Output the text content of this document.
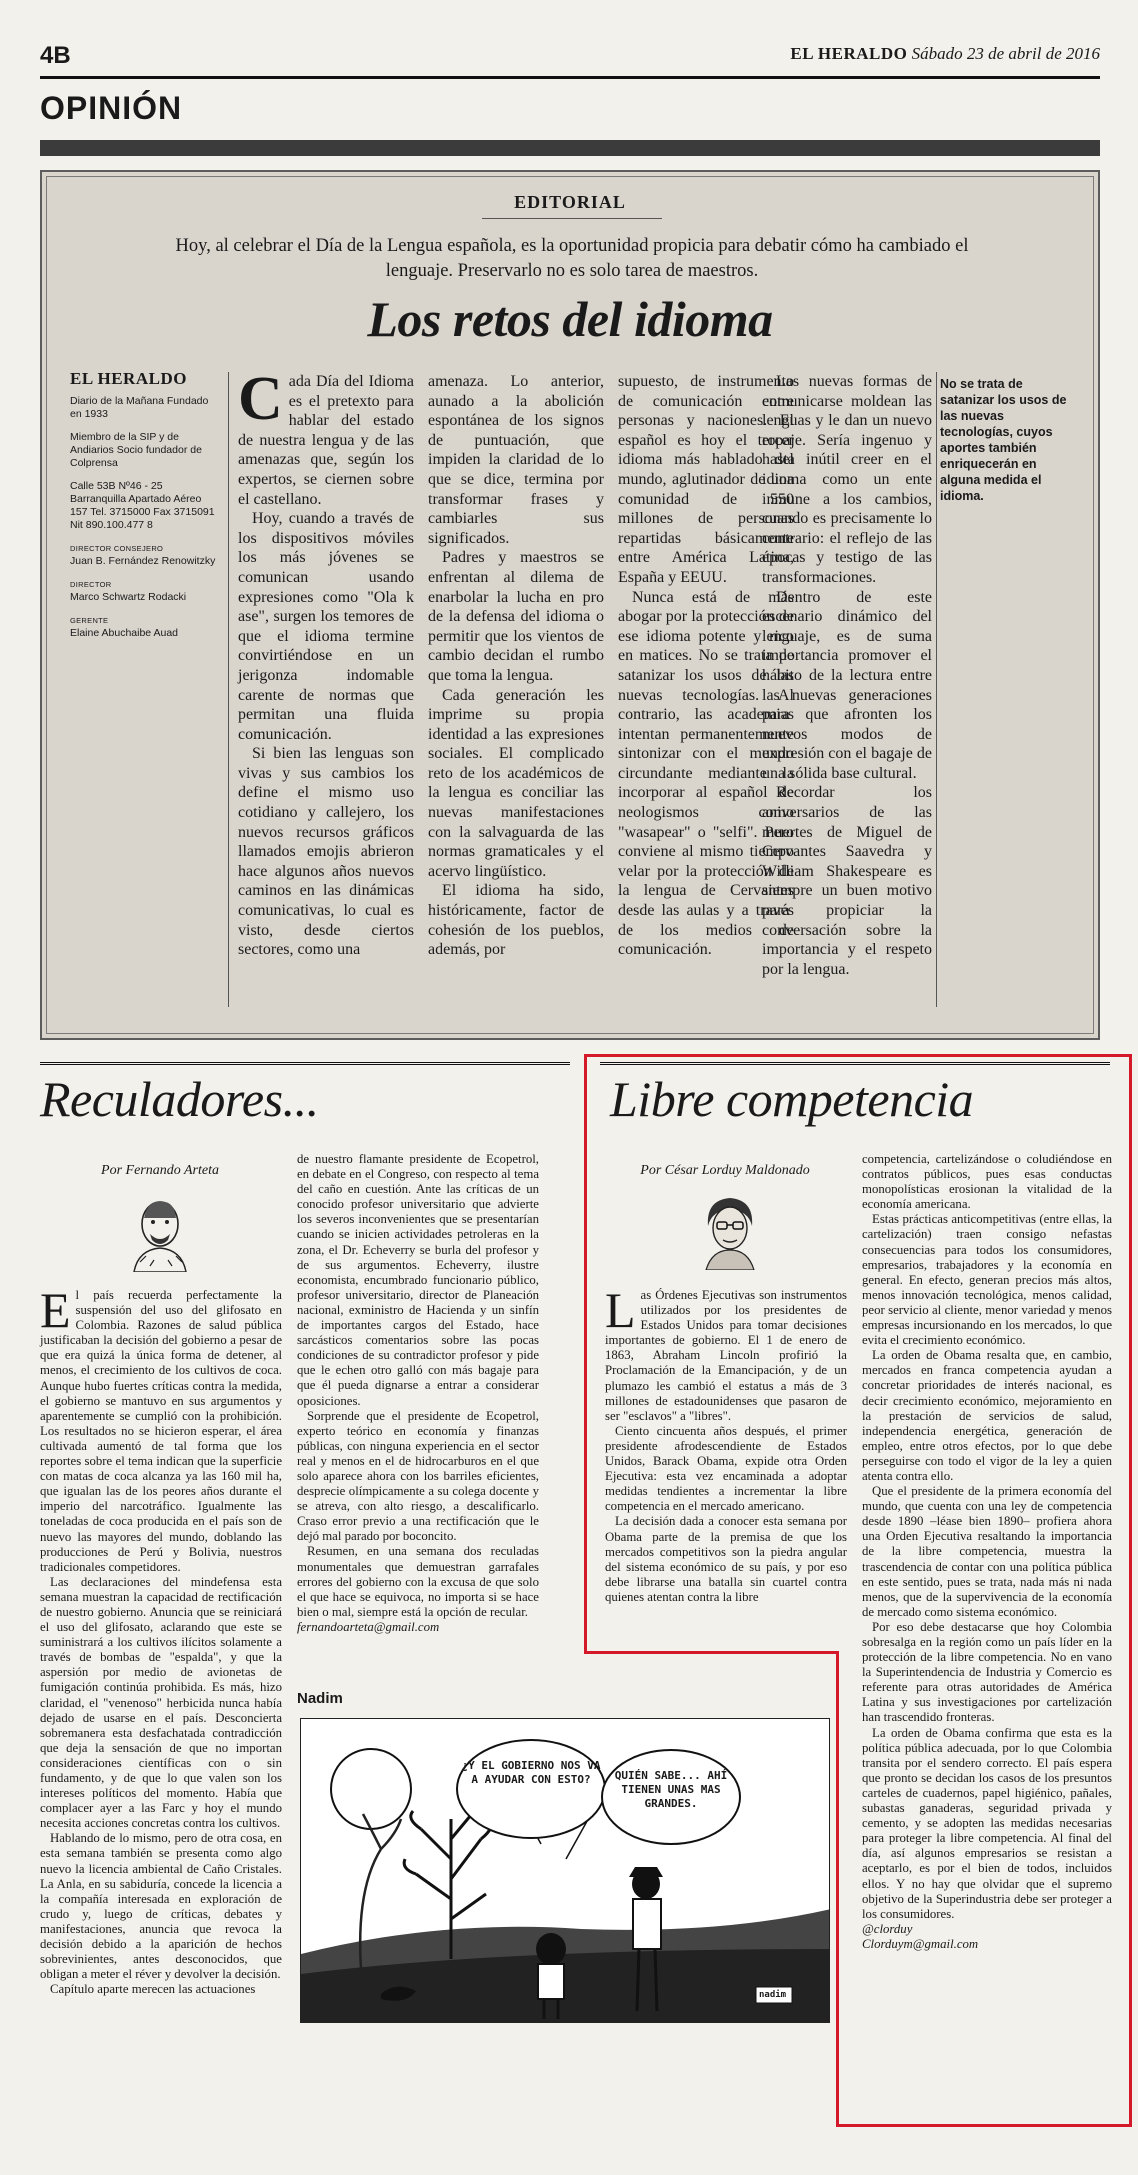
4B	EL HERALDO Sábado 23 de abril de 2016
OPINIÓN
EDITORIAL
Hoy, al celebrar el Día de la Lengua española, es la oportunidad propicia para debatir cómo ha cambiado el lenguaje. Preservarlo no es solo tarea de maestros.
Los retos del idioma
EL HERALDO

Diario de la Mañana Fundado en 1933

Miembro de la SIP y de Andiarios Socio fundador de Colprensa

Calle 53B Nº46 - 25 Barranquilla Apartado Aéreo 157 Tel. 3715000 Fax 3715091 Nit 890.100.477 8

DIRECTOR CONSEJERO

Juan B. Fernández Renowitzky

DIRECTOR

Marco Schwartz Rodacki

GERENTE

Elaine Abuchaibe Auad

Cada Día del Idioma es el pretexto para hablar del estado de nuestra lengua y de las amenazas que, según los expertos, se ciernen sobre el castellano.

Hoy, cuando a través de los dispositivos móviles los más jóvenes se comunican usando expresiones como "Ola k ase", surgen los temores de que el idioma termine convirtiéndose en un jerigonza indomable carente de normas que permitan una fluida comunicación.

Si bien las lenguas son vivas y sus cambios los define el mismo uso cotidiano y callejero, los nuevos recursos gráficos llamados emojis abrieron hace algunos años nuevos caminos en las dinámicas comunicativas, lo cual es visto, desde ciertos sectores, como una

amenaza. Lo anterior, aunado a la abolición espontánea de los signos de puntuación, que impiden la claridad de lo que se dice, termina por transformar frases y cambiarles sus significados.

Padres y maestros se enfrentan al dilema de enarbolar la lucha en pro de la defensa del idioma o permitir que los vientos de cambio decidan el rumbo que toma la lengua.

Cada generación les imprime su propia identidad a las expresiones sociales. El complicado reto de los académicos de la lengua es conciliar las nuevas manifestaciones con la salvaguarda de las normas gramaticales y el acervo lingüístico.

El idioma ha sido, históricamente, factor de cohesión de los pueblos, además, por

supuesto, de instrumento de comunicación entre personas y naciones. El español es hoy el tercer idioma más hablado del mundo, aglutinador de una comunidad de 550 millones de personas repartidas básicamente entre América Latina, España y EEUU.

Nunca está de más abogar por la protección de ese idioma potente y rico en matices. No se trata de satanizar los usos de las nuevas tecnologías. Al contrario, las academias intentan permanentemente sintonizar con el mundo circundante mediante la incorporar al español de neologismos como "wasapear" o "selfi". Pero conviene al mismo tiempo velar por la protección de la lengua de Cervantes desde las aulas y a través de los medios de comunicación.

Las nuevas formas de comunicarse moldean las lenguas y le dan un nuevo ropaje. Sería ingenuo y hasta inútil creer en el idioma como un ente inmune a los cambios, cuando es precisamente lo contrario: el reflejo de las épocas y testigo de las transformaciones.

Dentro de este escenario dinámico del lenguaje, es de suma importancia promover el hábito de la lectura entre las nuevas generaciones para que afronten los nuevos modos de expresión con el bagaje de una sólida base cultural.

Recordar los aniversarios de las muertes de Miguel de Cervantes Saavedra y William Shakespeare es siempre un buen motivo para propiciar la conversación sobre la importancia y el respeto por la lengua.

No se trata de satanizar los usos de las nuevas tecnologías, cuyos aportes también enriquecerán en alguna medida el idioma.
Reculadores...
Por Fernando Arteta

El país recuerda perfectamente la suspensión del uso del glifosato en Colombia. Razones de salud pública justificaban la decisión del gobierno a pesar de que era quizá la única forma de detener, al menos, el crecimiento de los cultivos de coca. Aunque hubo fuertes críticas contra la medida, el gobierno se mantuvo en sus argumentos y aparentemente se cumplió con la prohibición. Los resultados no se hicieron esperar, el área cultivada aumentó de tal forma que los reportes sobre el tema indican que la superficie con matas de coca alcanza ya las 160 mil ha, que igualan las de los peores años durante el imperio del narcotráfico. Igualmente las toneladas de coca producida en el país son de nuevo las mayores del mundo, doblando las producciones de Perú y Bolivia, nuestros tradicionales competidores.

Las declaraciones del mindefensa esta semana muestran la capacidad de rectificación de nuestro gobierno. Anuncia que se reiniciará el uso del glifosato, aclarando que este se suministrará a los cultivos ilícitos solamente a través de bombas de "espalda", y que la aspersión por medio de avionetas de fumigación continúa prohibida. Es más, hizo claridad, el "venenoso" herbicida nunca había dejado de usarse en el país. Desconcierta sobremanera esta desfachatada contradicción que deja la sensación de que no importan consideraciones científicas con o sin fundamento, y de que lo que valen son los intereses políticos del momento. Había que complacer ayer a las Farc y hoy el mundo necesita acciones concretas contra los cultivos.

Hablando de lo mismo, pero de otra cosa, en esta semana también se presenta como algo nuevo la licencia ambiental de Caño Cristales. La Anla, en su sabiduría, concede la licencia a la compañía interesada en exploración de crudo y, luego de críticas, debates y manifestaciones, anuncia que revoca la decisión debido a la aparición de hechos sobrevinientes, antes desconocidos, que obligan a meter el réver y devolver la decisión.

Capítulo aparte merecen las actuaciones

de nuestro flamante presidente de Ecopetrol, en debate en el Congreso, con respecto al tema del caño en cuestión. Ante las críticas de un conocido profesor universitario que advierte los severos inconvenientes que se presentarían cuando se inicien actividades petroleras en la zona, el Dr. Echeverry se burla del profesor y de sus argumentos. Echeverry, ilustre economista, encumbrado funcionario público, profesor universitario, director de Planeación nacional, exministro de Hacienda y un sinfín de importantes cargos del Estado, hace sarcásticos comentarios sobre las pocas condiciones de su contradictor profesor y pide que le echen otro galló con más bagaje para que él pueda dignarse a entrar a considerar oposiciones.

Sorprende que el presidente de Ecopetrol, experto teórico en economía y finanzas públicas, con ninguna experiencia en el sector real y menos en el de hidrocarburos en el que solo aparece ahora con los barriles eficientes, desprecie olímpicamente a su colega docente y se atreva, con alto riesgo, a descalificarlo. Craso error previo a una rectificación que le dejó mal parado por boconcito.

Resumen, en una semana dos reculadas monumentales que demuestran garrafales errores del gobierno con la excusa de que solo el que hace se equivoca, no importa si se hace bien o mal, siempre está la opción de recular.

fernandoarteta@gmail.com

Libre competencia
Por César Lorduy Maldonado

Las Órdenes Ejecutivas son instrumentos utilizados por los presidentes de Estados Unidos para tomar decisiones importantes de gobierno. El 1 de enero de 1863, Abraham Lincoln profirió la Proclamación de la Emancipación, y de un plumazo les cambió el estatus a más de 3 millones de estadounidenses que pasaron de ser "esclavos" a "libres".

Ciento cincuenta años después, el primer presidente afrodescendiente de Estados Unidos, Barack Obama, expide otra Orden Ejecutiva: esta vez encaminada a adoptar medidas tendientes a incrementar la libre competencia en el mercado americano.

La decisión dada a conocer esta semana por Obama parte de la premisa de que los mercados competitivos son la piedra angular del sistema económico de su país, y por eso debe librarse una batalla sin cuartel contra quienes atentan contra la libre

competencia, cartelizándose o coludiéndose en contratos públicos, pues esas conductas monopolísticas erosionan la vitalidad de la economía americana.

Estas prácticas anticompetitivas (entre ellas, la cartelización) traen consigo nefastas consecuencias para todos los consumidores, empresarios, trabajadores y la economía en general. En efecto, generan precios más altos, menos innovación tecnológica, menos calidad, peor servicio al cliente, menor variedad y menos empresas incursionando en los mercados, lo que evita el crecimiento económico.

La orden de Obama resalta que, en cambio, mercados en franca competencia ayudan a concretar prioridades de interés nacional, es decir crecimiento económico, mejoramiento en la prestación de servicios de salud, independencia energética, generación de empleo, entre otros efectos, por lo que debe perseguirse con todo el vigor de la ley a quien atenta contra ello.

Que el presidente de la primera economía del mundo, que cuenta con una ley de competencia desde 1890 –léase bien 1890– profiera ahora una Orden Ejecutiva resaltando la importancia de la libre competencia, muestra la trascendencia de contar con una política pública en este sentido, pues se trata, nada más ni nada menos, que de la supervivencia de la economía de mercado como sistema económico.

Por eso debe destacarse que hoy Colombia sobresalga en la región como un país líder en la protección de la libre competencia. No en vano la Superintendencia de Industria y Comercio es referente para otras autoridades de América Latina y sus investigaciones por cartelización han trascendido fronteras.

La orden de Obama confirma que esta es la política pública adecuada, por lo que Colombia transita por el sendero correcto. El país espera que pronto se decidan los casos de los presuntos carteles de cuadernos, papel higiénico, pañales, subastas ganaderas, seguridad privada y cemento, y se adopten las medidas necesarias para proteger la libre competencia. Al final del día, así algunos empresarios se resistan a aceptarlo, es por el bien de todos, incluidos ellos. Y no hay que olvidar que el supremo objetivo de la Superindustria debe ser proteger a los consumidores.

@clorduy

Clorduym@gmail.com

Nadim
¿Y EL GOBIERNO NOS VA A AYUDAR CON ESTO?	QUIÉN SABE... AHÍ TIENEN UNAS MAS GRANDES.
nadim
